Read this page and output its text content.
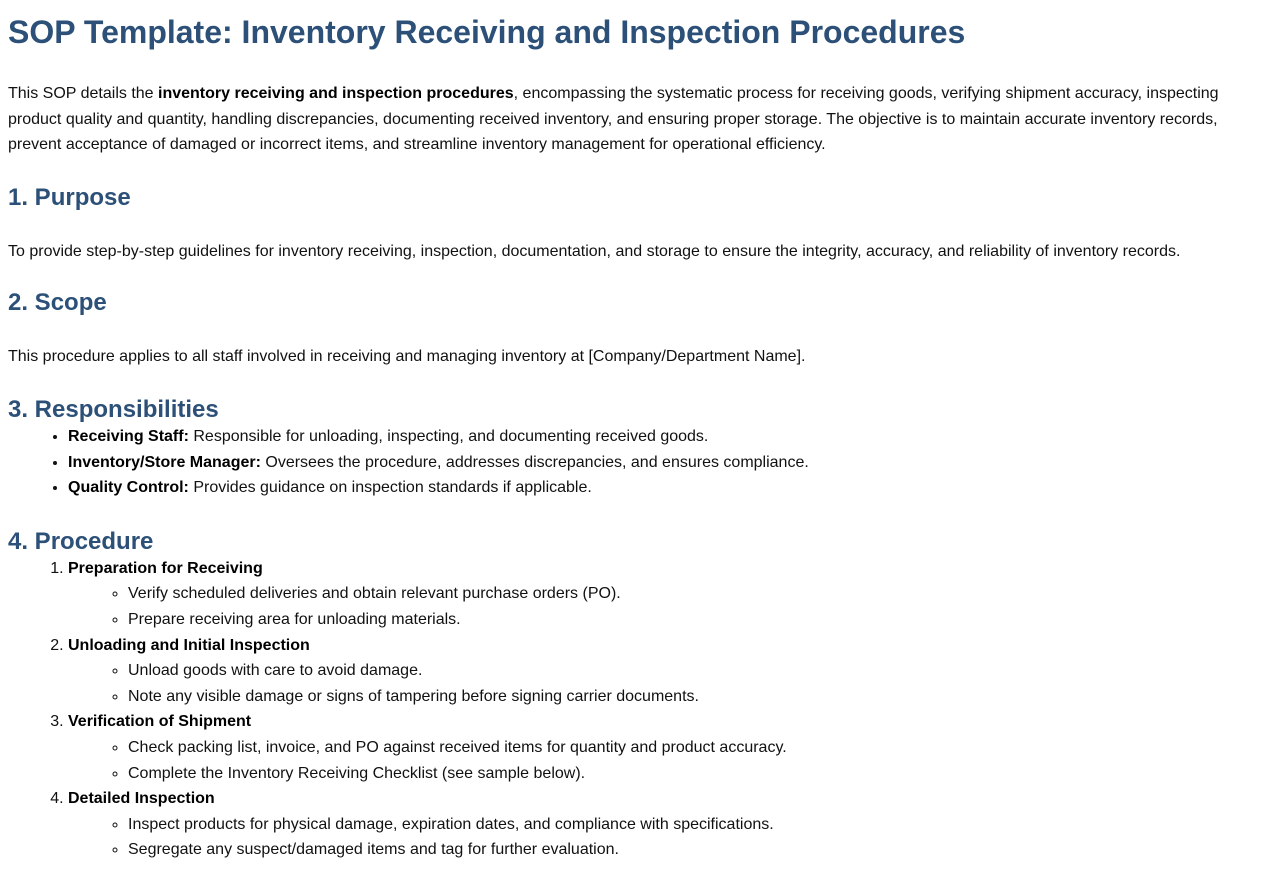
SOP Template: Inventory Receiving and Inspection Procedures

This SOP details the inventory receiving and inspection procedures, encompassing the systematic process for receiving goods, verifying shipment accuracy, inspecting product quality and quantity, handling discrepancies, documenting received inventory, and ensuring proper storage. The objective is to maintain accurate inventory records, prevent acceptance of damaged or incorrect items, and streamline inventory management for operational efficiency.

1. Purpose

To provide step-by-step guidelines for inventory receiving, inspection, documentation, and storage to ensure the integrity, accuracy, and reliability of inventory records.

2. Scope

This procedure applies to all staff involved in receiving and managing inventory at [Company/Department Name].

3. Responsibilities
• Receiving Staff: Responsible for unloading, inspecting, and documenting received goods.
• Inventory/Store Manager: Oversees the procedure, addresses discrepancies, and ensures compliance.
• Quality Control: Provides guidance on inspection standards if applicable.
4. Procedure
1. Preparation for Receiving
◦ Verify scheduled deliveries and obtain relevant purchase orders (PO).
◦ Prepare receiving area for unloading materials.
2. Unloading and Initial Inspection
◦ Unload goods with care to avoid damage.
◦ Note any visible damage or signs of tampering before signing carrier documents.
3. Verification of Shipment
◦ Check packing list, invoice, and PO against received items for quantity and product accuracy.
◦ Complete the Inventory Receiving Checklist (see sample below).
4. Detailed Inspection
◦ Inspect products for physical damage, expiration dates, and compliance with specifications.
◦ Segregate any suspect/damaged items and tag for further evaluation.
